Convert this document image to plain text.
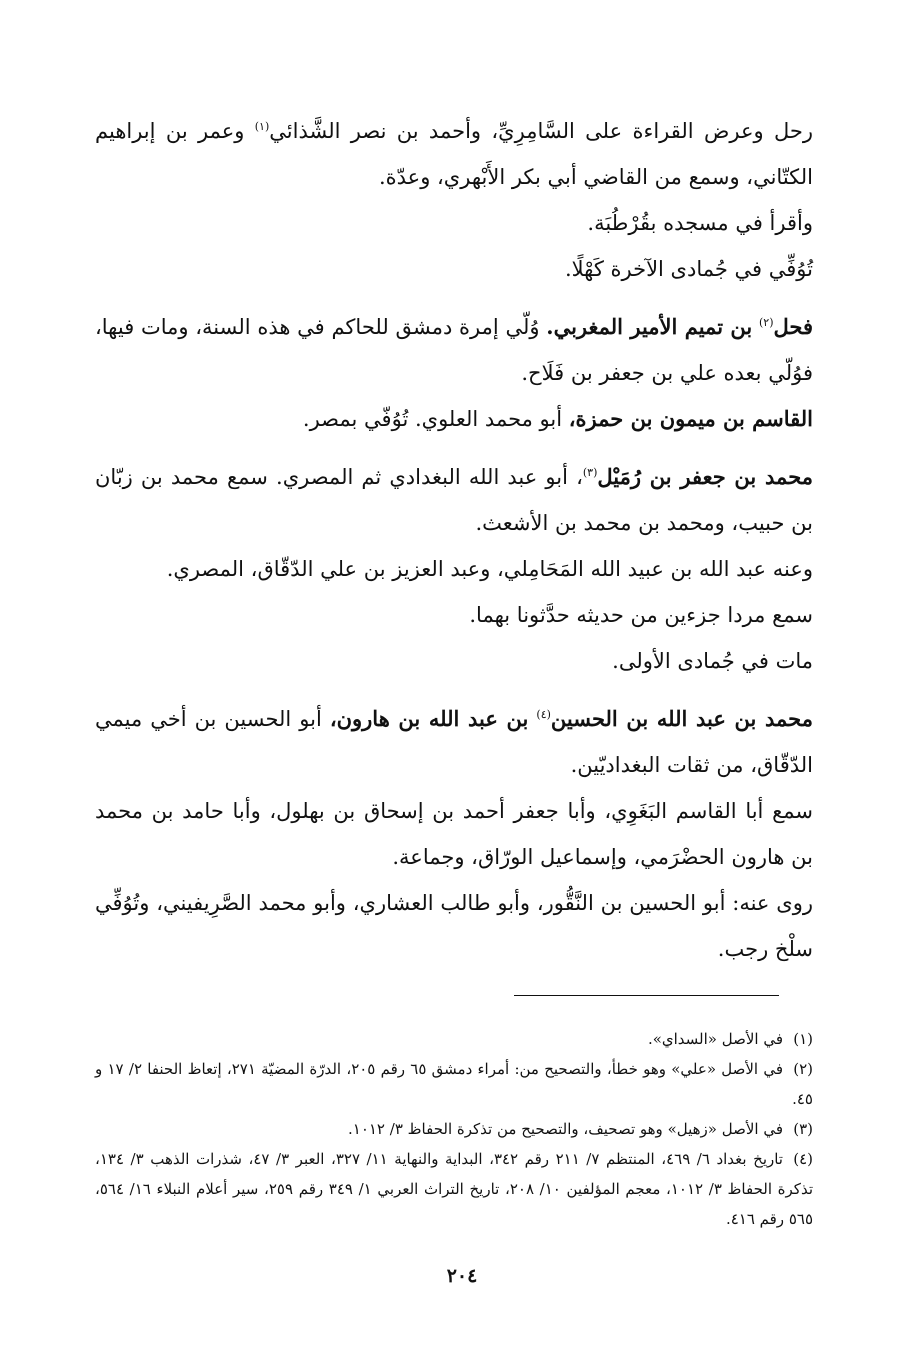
رحل وعرض القراءة على السَّامِرِيِّ، وأحمد بن نصر الشَّذائي$^{(١)}$ وعمر بن إبراهيم الكتّاني، وسمع من القاضي أبي بكر الأَبْهري، وعدّة.

وأقرأ في مسجده بقُرْطُبَة.

تُوُفِّي في جُمادى الآخرة كَهْلًا.

فحل$^{(٢)}$ بن تميم الأمير المغربي. وُلّي إمرة دمشق للحاكم في هذه السنة، ومات فيها، فوُلّي بعده علي بن جعفر بن فَلَاح.

القاسم بن ميمون بن حمزة، أبو محمد العلوي. تُوُفّي بمصر.

محمد بن جعفر بن رُمَيْل$^{(٣)}$، أبو عبد الله البغدادي ثم المصري. سمع محمد بن زبّان بن حبيب، ومحمد بن محمد بن الأشعث.

وعنه عبد الله بن عبيد الله المَحَامِلي، وعبد العزيز بن علي الدّقّاق، المصري.

سمع مردا جزءين من حديثه حدَّثونا بهما.

مات في جُمادى الأولى.

محمد بن عبد الله بن الحسين$^{(٤)}$ بن عبد الله بن هارون، أبو الحسين بن أخي ميمي الدّقّاق، من ثقات البغداديّين.

سمع أبا القاسم البَغَوِي، وأبا جعفر أحمد بن إسحاق بن بهلول، وأبا حامد بن محمد بن هارون الحضْرَمي، وإسماعيل الورّاق، وجماعة.

روى عنه: أبو الحسين بن النَّقُّور، وأبو طالب العشاري، وأبو محمد الصَّرِيفيني، وتُوُفِّي سلْخ رجب.

(١)في الأصل «السداي».

(٢)في الأصل «علي» وهو خطأ، والتصحيح من: أمراء دمشق ٦٥ رقم ٢٠٥، الدرّة المضيّة ٢٧١، إتعاظ الحنفا ٢/ ١٧ و ٤٥.

(٣)في الأصل «زهيل» وهو تصحيف، والتصحيح من تذكرة الحفاظ ٣/ ١٠١٢.

(٤)تاريخ بغداد ٦/ ٤٦٩، المنتظم ٧/ ٢١١ رقم ٣٤٢، البداية والنهاية ١١/ ٣٢٧، العبر ٣/ ٤٧، شذرات الذهب ٣/ ١٣٤، تذكرة الحفاظ ٣/ ١٠١٢، معجم المؤلفين ١٠/ ٢٠٨، تاريخ التراث العربي ١/ ٣٤٩ رقم ٢٥٩، سير أعلام النبلاء ١٦/ ٥٦٤، ٥٦٥ رقم ٤١٦.

٢٠٤
